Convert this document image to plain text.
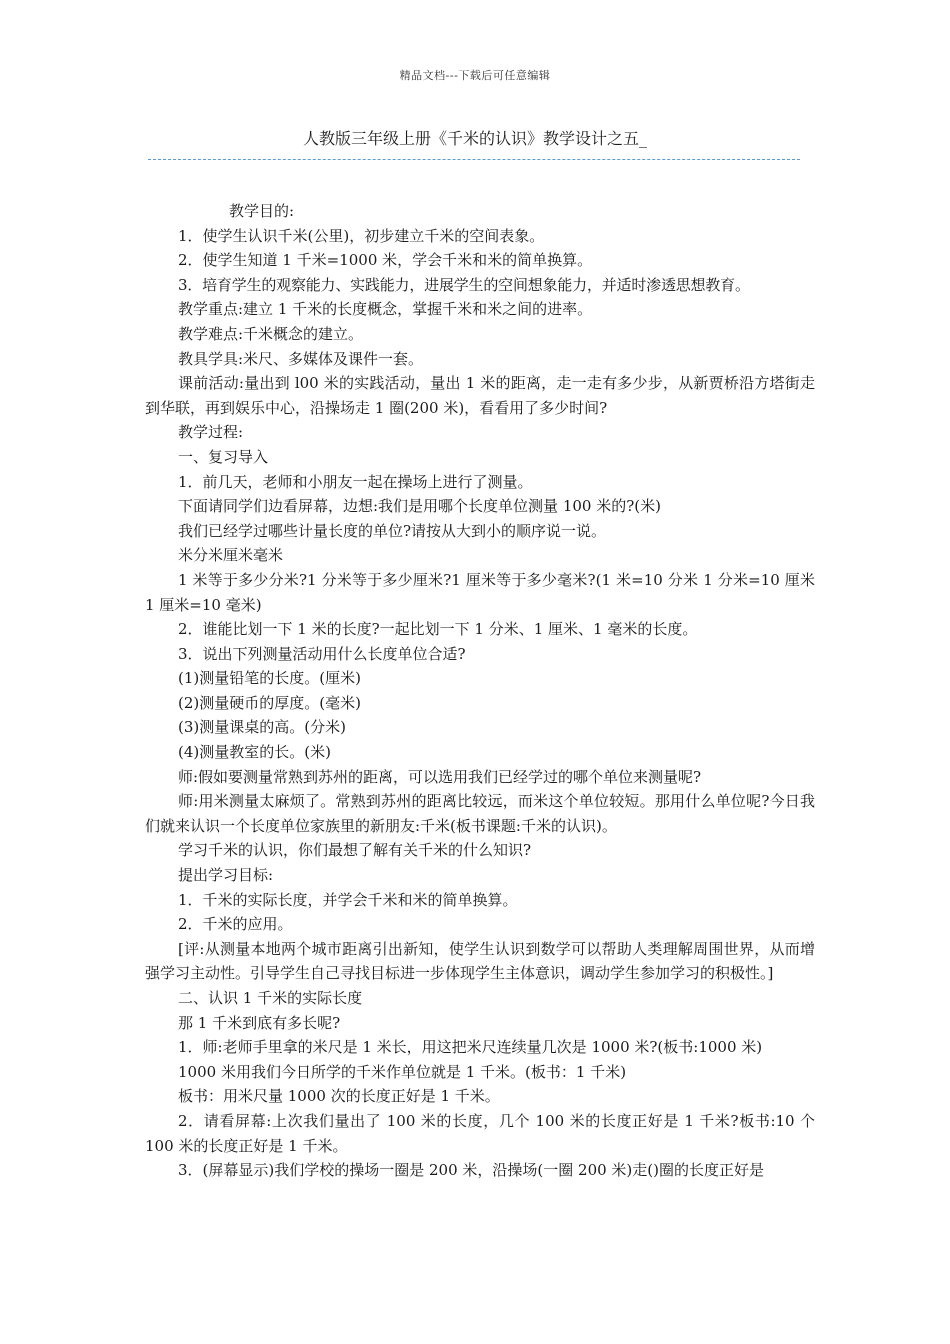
精品文档---下载后可任意编辑
人教版三年级上册《千米的认识》教学设计之五_

教学目的:

1．使学生认识千米(公里)，初步建立千米的空间表象。

2．使学生知道 1 千米=1000 米，学会千米和米的简单换算。

3．培育学生的观察能力、实践能力，进展学生的空间想象能力，并适时渗透思想教育。

教学重点:建立 1 千米的长度概念，掌握千米和米之间的进率。

教学难点:千米概念的建立。

教具学具:米尺、多媒体及课件一套。

课前活动:量出到 l00 米的实践活动，量出 1 米的距离，走一走有多少步，从新贾桥沿方塔街走到华联，再到娱乐中心，沿操场走 1 圈(200 米)，看看用了多少时间?

教学过程:

一、复习导入

1．前几天，老师和小朋友一起在操场上进行了测量。

下面请同学们边看屏幕，边想:我们是用哪个长度单位测量 100 米的?(米)

我们已经学过哪些计量长度的单位?请按从大到小的顺序说一说。

米分米厘米毫米

1 米等于多少分米?1 分米等于多少厘米?1 厘米等于多少毫米?(1 米=10 分米 1 分米=10 厘米 1 厘米=10 毫米)

2．谁能比划一下 1 米的长度?一起比划一下 1 分米、1 厘米、1 毫米的长度。

3．说出下列测量活动用什么长度单位合适?

(1)测量铅笔的长度。(厘米)

(2)测量硬币的厚度。(毫米)

(3)测量课桌的高。(分米)

(4)测量教室的长。(米)

师:假如要测量常熟到苏州的距离，可以选用我们已经学过的哪个单位来测量呢?

师:用米测量太麻烦了。常熟到苏州的距离比较远，而米这个单位较短。那用什么单位呢?今日我们就来认识一个长度单位家族里的新朋友:千米(板书课题:千米的认识)。

学习千米的认识，你们最想了解有关千米的什么知识?

提出学习目标:

1．千米的实际长度，并学会千米和米的简单换算。

2．千米的应用。

[评:从测量本地两个城市距离引出新知，使学生认识到数学可以帮助人类理解周围世界，从而增强学习主动性。引导学生自己寻找目标进一步体现学生主体意识，调动学生参加学习的积极性。]

二、认识 1 千米的实际长度

那 1 千米到底有多长呢?

1．师:老师手里拿的米尺是 1 米长，用这把米尺连续量几次是 1000 米?(板书:1000 米)

1000 米用我们今日所学的千米作单位就是 1 千米。(板书：1 千米)

板书：用米尺量 1000 次的长度正好是 1 千米。

2．请看屏幕:上次我们量出了 100 米的长度，几个 100 米的长度正好是 1 千米?板书:10 个 100 米的长度正好是 1 千米。

3．(屏幕显示)我们学校的操场一圈是 200 米，沿操场(一圈 200 米)走()圈的长度正好是
